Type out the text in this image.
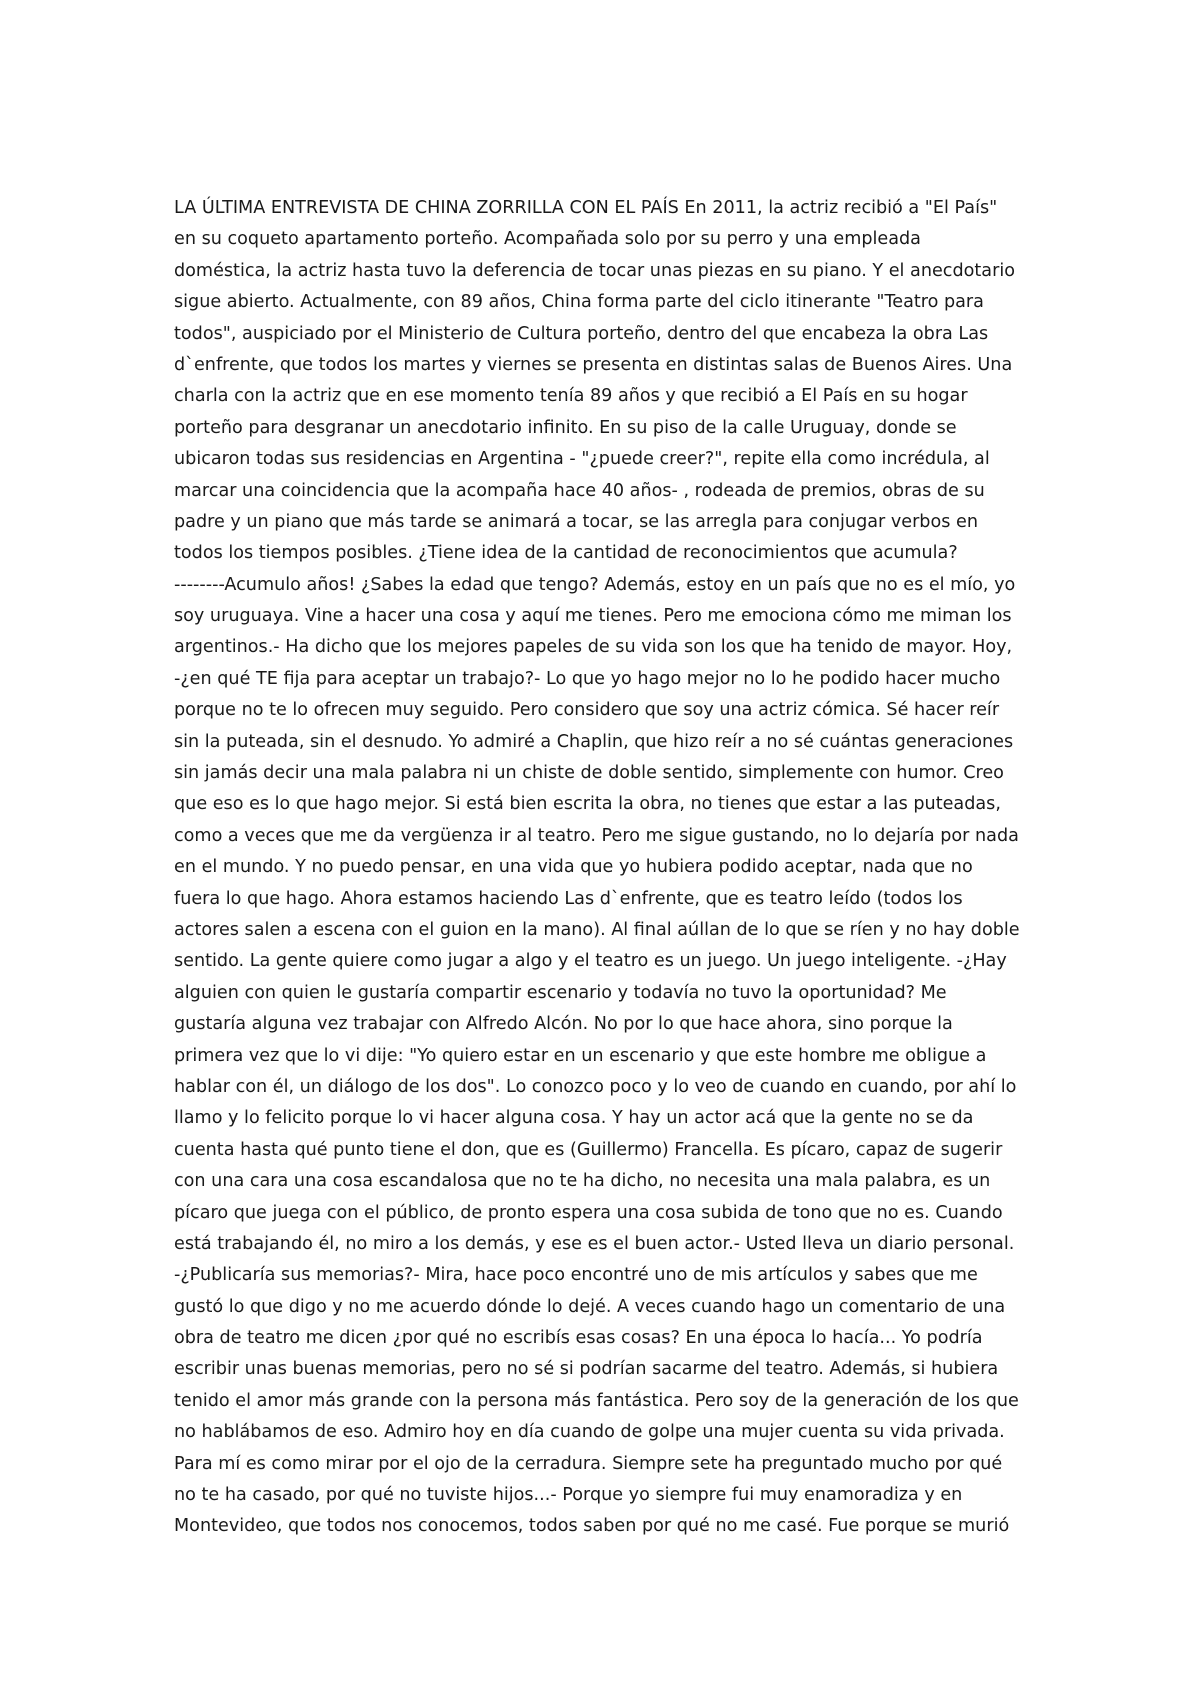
LA ÚLTIMA ENTREVISTA DE CHINA ZORRILLA CON EL PAÍS En 2011, la actriz recibió a "El País"
en su coqueto apartamento porteño. Acompañada solo por su perro y una empleada
doméstica, la actriz hasta tuvo la deferencia de tocar unas piezas en su piano. Y el anecdotario
sigue abierto. Actualmente, con 89 años, China forma parte del ciclo itinerante "Teatro para
todos", auspiciado por el Ministerio de Cultura porteño, dentro del que encabeza la obra Las
d`enfrente, que todos los martes y viernes se presenta en distintas salas de Buenos Aires. Una
charla con la actriz que en ese momento tenía 89 años y que recibió a El País en su hogar
porteño para desgranar un anecdotario infinito. En su piso de la calle Uruguay, donde se
ubicaron todas sus residencias en Argentina - "¿puede creer?", repite ella como incrédula, al
marcar una coincidencia que la acompaña hace 40 años- , rodeada de premios, obras de su
padre y un piano que más tarde se animará a tocar, se las arregla para conjugar verbos en
todos los tiempos posibles. ¿Tiene idea de la cantidad de reconocimientos que acumula?
--------Acumulo años! ¿Sabes la edad que tengo? Además, estoy en un país que no es el mío, yo
soy uruguaya. Vine a hacer una cosa y aquí me tienes. Pero me emociona cómo me miman los
argentinos.- Ha dicho que los mejores papeles de su vida son los que ha tenido de mayor. Hoy,
-¿en qué TE fija para aceptar un trabajo?- Lo que yo hago mejor no lo he podido hacer mucho
porque no te lo ofrecen muy seguido. Pero considero que soy una actriz cómica. Sé hacer reír
sin la puteada, sin el desnudo. Yo admiré a Chaplin, que hizo reír a no sé cuántas generaciones
sin jamás decir una mala palabra ni un chiste de doble sentido, simplemente con humor. Creo
que eso es lo que hago mejor. Si está bien escrita la obra, no tienes que estar a las puteadas,
como a veces que me da vergüenza ir al teatro. Pero me sigue gustando, no lo dejaría por nada
en el mundo. Y no puedo pensar, en una vida que yo hubiera podido aceptar, nada que no
fuera lo que hago. Ahora estamos haciendo Las d`enfrente, que es teatro leído (todos los
actores salen a escena con el guion en la mano). Al final aúllan de lo que se ríen y no hay doble
sentido. La gente quiere como jugar a algo y el teatro es un juego. Un juego inteligente. -¿Hay
alguien con quien le gustaría compartir escenario y todavía no tuvo la oportunidad? Me
gustaría alguna vez trabajar con Alfredo Alcón. No por lo que hace ahora, sino porque la
primera vez que lo vi dije: "Yo quiero estar en un escenario y que este hombre me obligue a
hablar con él, un diálogo de los dos". Lo conozco poco y lo veo de cuando en cuando, por ahí lo
llamo y lo felicito porque lo vi hacer alguna cosa. Y hay un actor acá que la gente no se da
cuenta hasta qué punto tiene el don, que es (Guillermo) Francella. Es pícaro, capaz de sugerir
con una cara una cosa escandalosa que no te ha dicho, no necesita una mala palabra, es un
pícaro que juega con el público, de pronto espera una cosa subida de tono que no es. Cuando
está trabajando él, no miro a los demás, y ese es el buen actor.- Usted lleva un diario personal.
-¿Publicaría sus memorias?- Mira, hace poco encontré uno de mis artículos y sabes que me
gustó lo que digo y no me acuerdo dónde lo dejé. A veces cuando hago un comentario de una
obra de teatro me dicen ¿por qué no escribís esas cosas? En una época lo hacía... Yo podría
escribir unas buenas memorias, pero no sé si podrían sacarme del teatro. Además, si hubiera
tenido el amor más grande con la persona más fantástica. Pero soy de la generación de los que
no hablábamos de eso. Admiro hoy en día cuando de golpe una mujer cuenta su vida privada.
Para mí es como mirar por el ojo de la cerradura. Siempre sete ha preguntado mucho por qué
no te ha casado, por qué no tuviste hijos...- Porque yo siempre fui muy enamoradiza y en
Montevideo, que todos nos conocemos, todos saben por qué no me casé. Fue porque se murió
